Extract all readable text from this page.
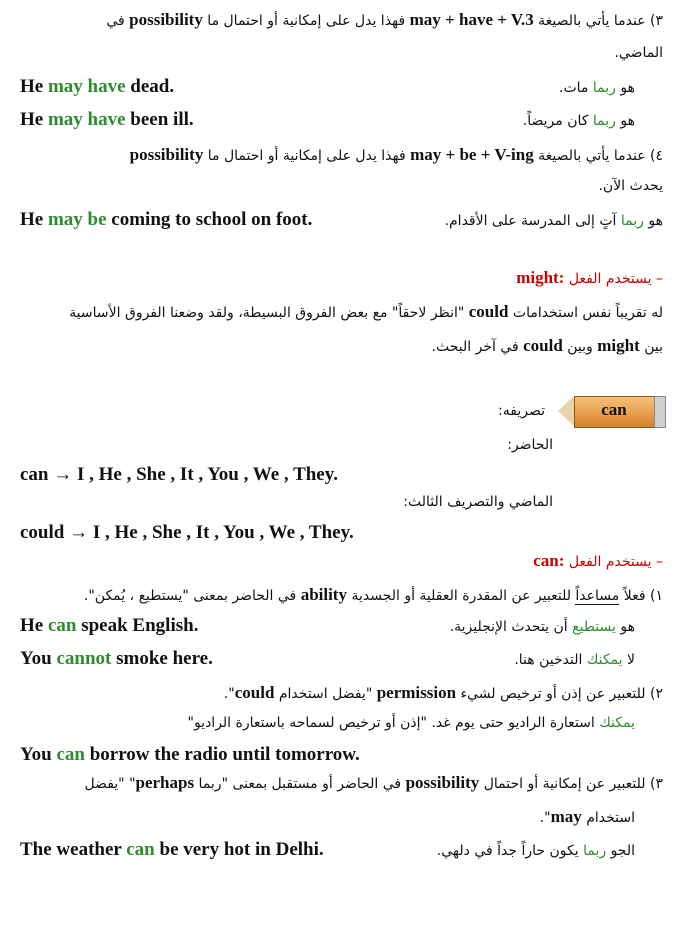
٣) عندما يأتي بالصيغة may + have + V.3 فهذا يدل على إمكانية أو احتمال ما possibility في
الماضي.
He may have dead.	هو ربما مات.
He may have been ill.	هو ربما كان مريضاً.
٤) عندما يأتي بالصيغة may + be + V-ing فهذا يدل على إمكانية أو احتمال ما possibility
يحدث الآن.
He may be coming to school on foot.	هو ربما آتٍ إلى المدرسة على الأقدام.
– يستخدم الفعل might:
له تقريباً نفس استخدامات could "انظر لاحقاً" مع بعض الفروق البسيطة، ولقد وضعنا الفروق الأساسية
بين might وبين could في آخر البحث.
can
تصريفه:
الحاضر:
can → I , He , She , It , You , We , They.
الماضي والتصريف الثالث:
could → I , He , She , It , You , We , They.
– يستخدم الفعل can:
١) فعلاً مساعداً للتعبير عن المقدرة العقلية أو الجسدية ability في الحاضر بمعنى "يستطيع ، يُمكن".
He can speak English.	هو يستطيع أن يتحدث الإنجليزية.
You cannot smoke here.	لا يمكنك التدخين هنا.
٢) للتعبير عن إذن أو ترخيص لشيء permission "يفضل استخدام could".
يمكنك استعارة الراديو حتى يوم غد. "إذن أو ترخيص لسماحه باستعارة الراديو"
You can borrow the radio until tomorrow.
٣) للتعبير عن إمكانية أو احتمال possibility في الحاضر أو مستقبل بمعنى "ربما perhaps" "يفضل
استخدام may".
The weather can be very hot in Delhi.	الجو ربما يكون حاراً جداً في دلهي.
